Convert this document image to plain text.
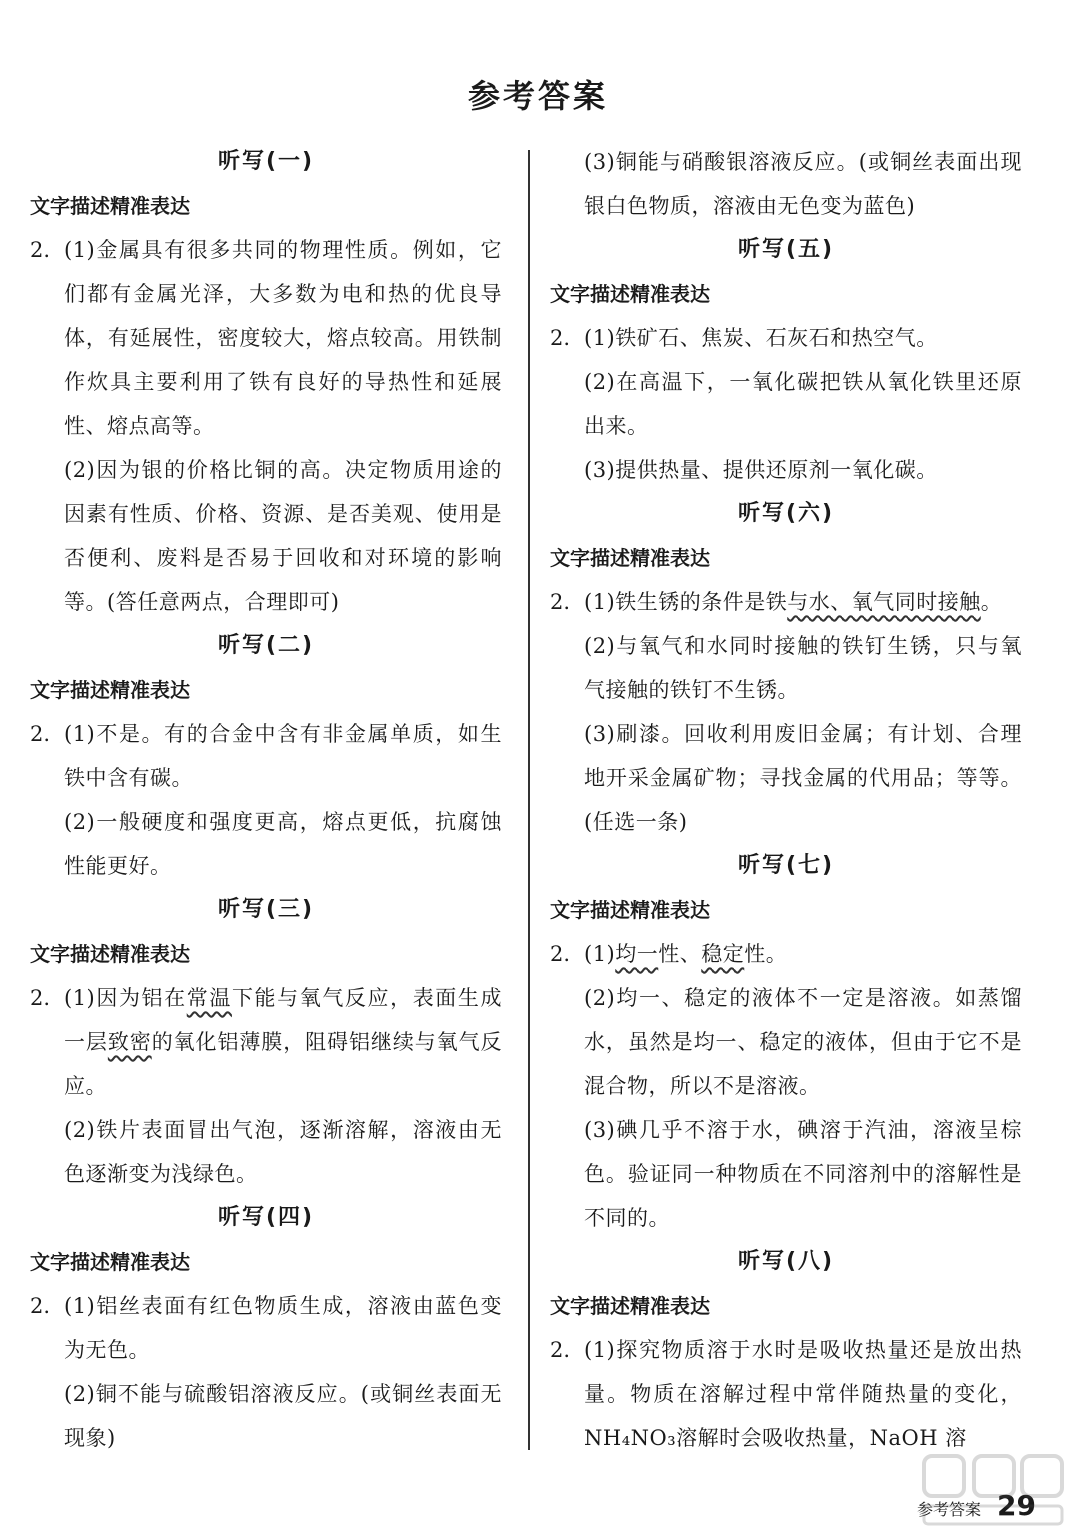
参考答案
听写(一)
文字描述精准表达
2. (1)金属具有很多共同的物理性质。例如，它们都有金属光泽，大多数为电和热的优良导体，有延展性，密度较大，熔点较高。用铁制作炊具主要利用了铁有良好的导热性和延展性、熔点高等。
(2)因为银的价格比铜的高。决定物质用途的因素有性质、价格、资源、是否美观、使用是否便利、废料是否易于回收和对环境的影响等。(答任意两点，合理即可)
听写(二)
文字描述精准表达
2. (1)不是。有的合金中含有非金属单质，如生铁中含有碳。
(2)一般硬度和强度更高，熔点更低，抗腐蚀性能更好。
听写(三)
文字描述精准表达
2. (1)因为铝在常温下能与氧气反应，表面生成一层致密的氧化铝薄膜，阻碍铝继续与氧气反应。
(2)铁片表面冒出气泡，逐渐溶解，溶液由无色逐渐变为浅绿色。
听写(四)
文字描述精准表达
2. (1)铝丝表面有红色物质生成，溶液由蓝色变为无色。
(2)铜不能与硫酸铝溶液反应。(或铜丝表面无现象)
(3)铜能与硝酸银溶液反应。(或铜丝表面出现银白色物质，溶液由无色变为蓝色)
听写(五)
文字描述精准表达
2. (1)铁矿石、焦炭、石灰石和热空气。
(2)在高温下，一氧化碳把铁从氧化铁里还原出来。
(3)提供热量、提供还原剂一氧化碳。
听写(六)
文字描述精准表达
2. (1)铁生锈的条件是铁与水、氧气同时接触。
(2)与氧气和水同时接触的铁钉生锈，只与氧气接触的铁钉不生锈。
(3)刷漆。回收利用废旧金属；有计划、合理地开采金属矿物；寻找金属的代用品；等等。(任选一条)
听写(七)
文字描述精准表达
2. (1)均一性、稳定性。
(2)均一、稳定的液体不一定是溶液。如蒸馏水，虽然是均一、稳定的液体，但由于它不是混合物，所以不是溶液。
(3)碘几乎不溶于水，碘溶于汽油，溶液呈棕色。验证同一种物质在不同溶剂中的溶解性是不同的。
听写(八)
文字描述精准表达
2. (1)探究物质溶于水时是吸收热量还是放出热量。物质在溶解过程中常伴随热量的变化，NH₄NO₃溶解时会吸收热量，NaOH 溶
参考答案 29
